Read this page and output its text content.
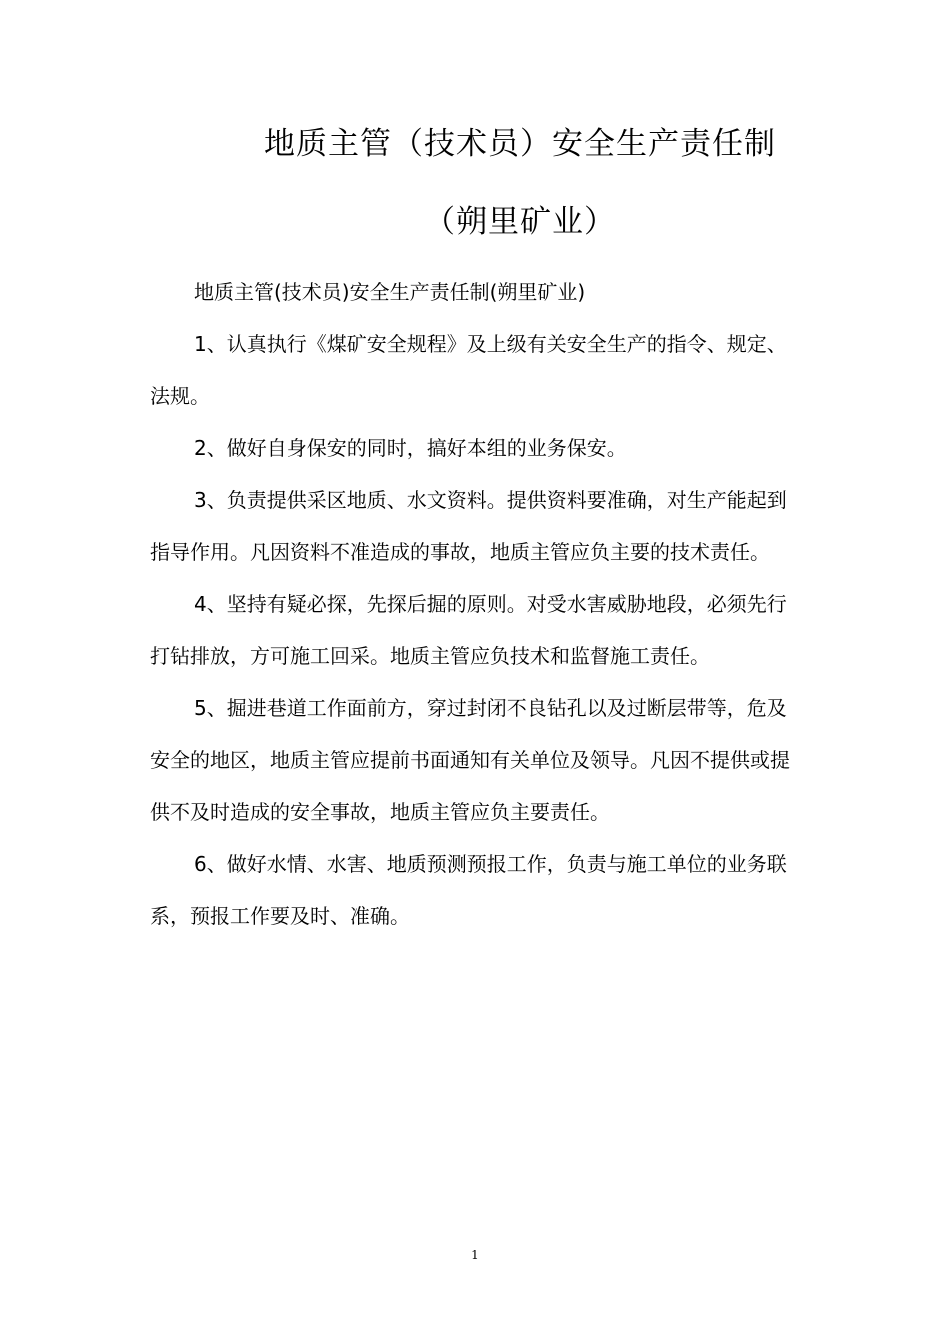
地质主管（技术员）安全生产责任制
（朔里矿业）

地质主管(技术员)安全生产责任制(朔里矿业)

1、认真执行《煤矿安全规程》及上级有关安全生产的指令、规定、法规。

2、做好自身保安的同时，搞好本组的业务保安。

3、负责提供采区地质、水文资料。提供资料要准确，对生产能起到指导作用。凡因资料不准造成的事故，地质主管应负主要的技术责任。

4、坚持有疑必探，先探后掘的原则。对受水害威胁地段，必须先行打钻排放，方可施工回采。地质主管应负技术和监督施工责任。

5、掘进巷道工作面前方，穿过封闭不良钻孔以及过断层带等，危及安全的地区，地质主管应提前书面通知有关单位及领导。凡因不提供或提供不及时造成的安全事故，地质主管应负主要责任。

6、做好水情、水害、地质预测预报工作，负责与施工单位的业务联系，预报工作要及时、准确。

1
